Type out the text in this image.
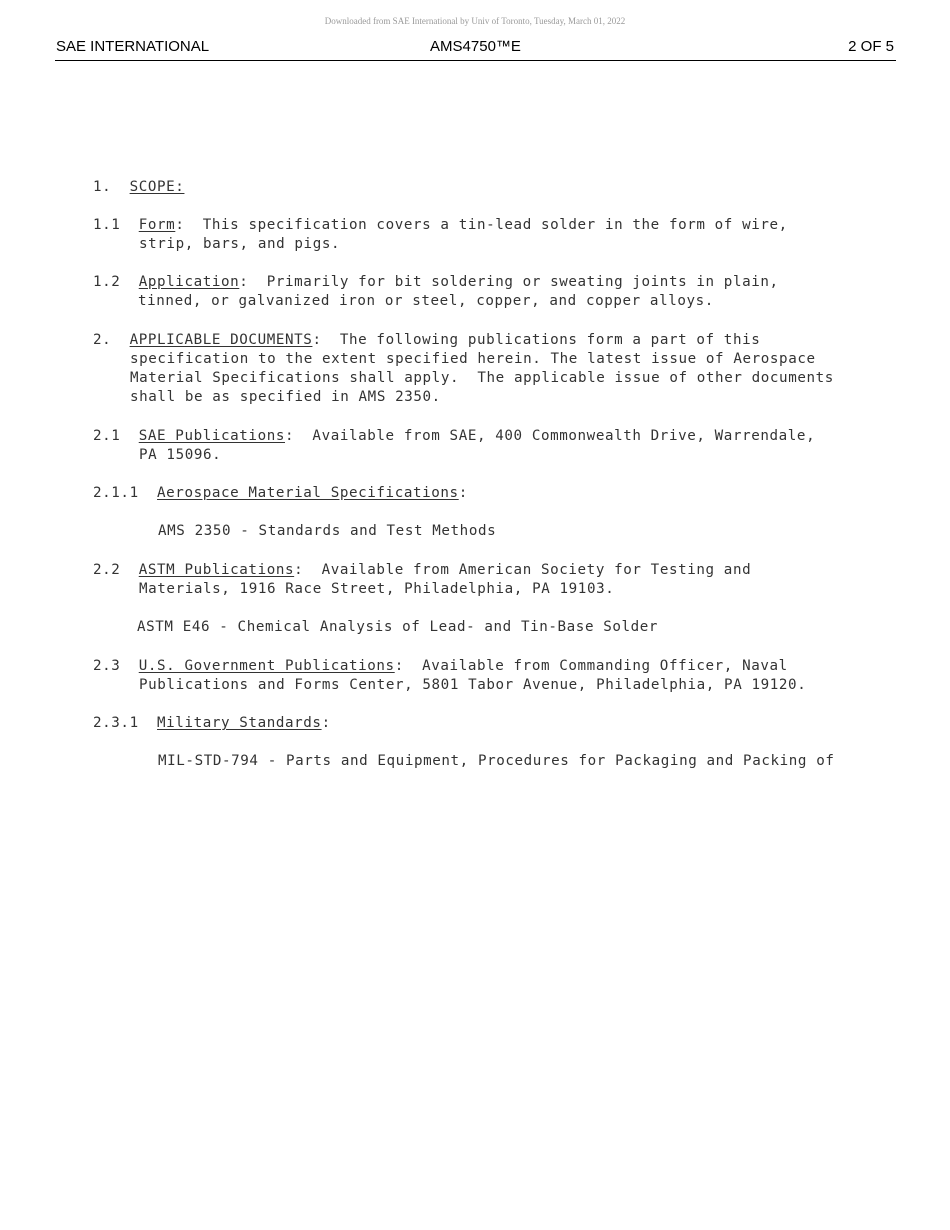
Downloaded from SAE International by Univ of Toronto, Tuesday, March 01, 2022
SAE INTERNATIONAL	AMS4750™E	2 OF 5
1. SCOPE:
1.1 Form:  This specification covers a tin-lead solder in the form of wire,
strip, bars, and pigs.
1.2 Application:  Primarily for bit soldering or sweating joints in plain,
tinned, or galvanized iron or steel, copper, and copper alloys.
2. APPLICABLE DOCUMENTS:  The following publications form a part of this
specification to the extent specified herein. The latest issue of Aerospace
Material Specifications shall apply.  The applicable issue of other documents
shall be as specified in AMS 2350.
2.1 SAE Publications:  Available from SAE, 400 Commonwealth Drive, Warrendale,
PA 15096.
2.1.1 Aerospace Material Specifications:
AMS 2350 - Standards and Test Methods
2.2 ASTM Publications:  Available from American Society for Testing and
Materials, 1916 Race Street, Philadelphia, PA 19103.
ASTM E46 - Chemical Analysis of Lead- and Tin-Base Solder
2.3 U.S. Government Publications:  Available from Commanding Officer, Naval
Publications and Forms Center, 5801 Tabor Avenue, Philadelphia, PA 19120.
2.3.1 Military Standards:
MIL-STD-794 - Parts and Equipment, Procedures for Packaging and Packing of
